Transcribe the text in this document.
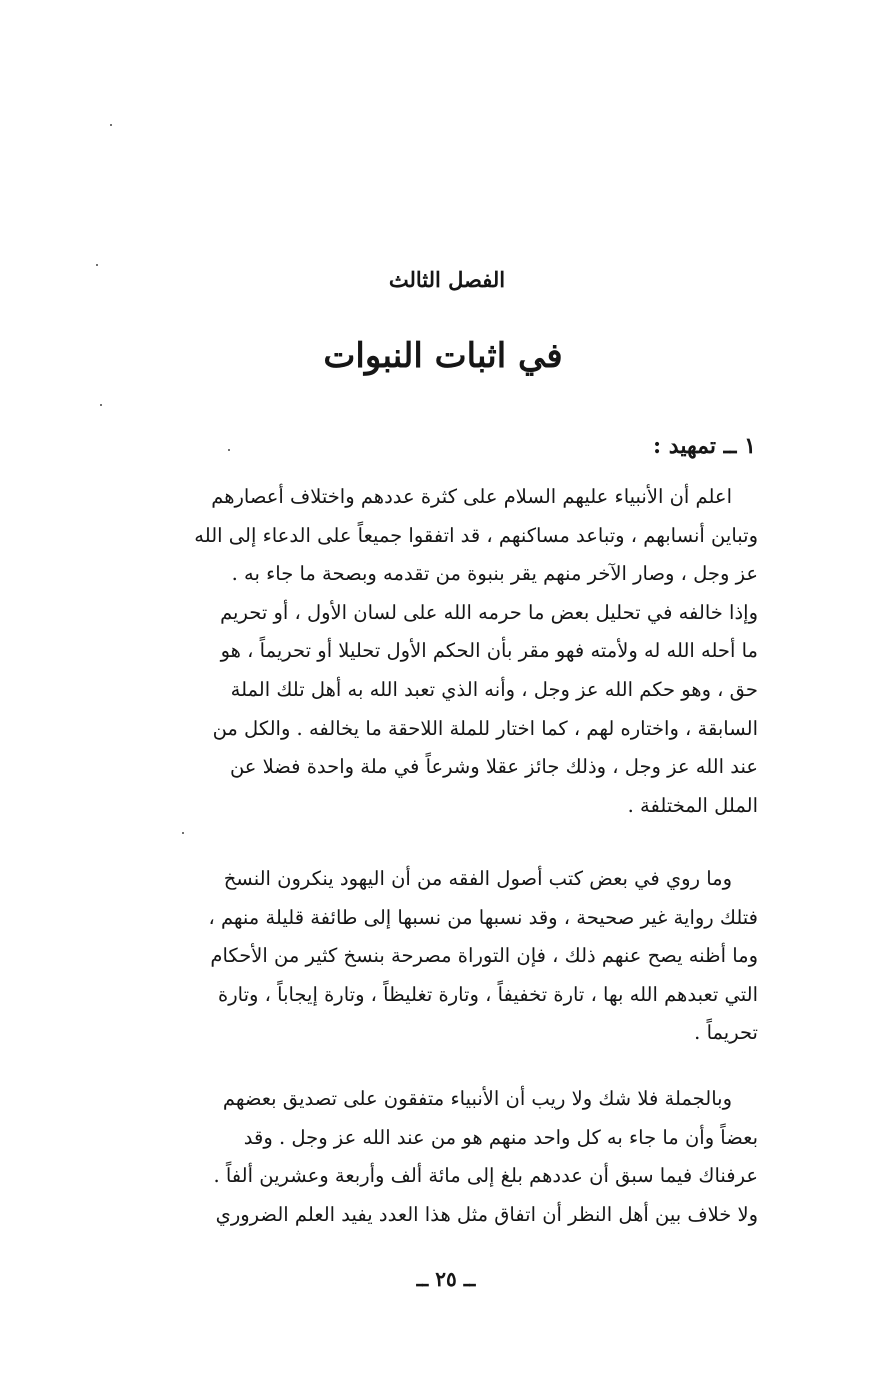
الفصل الثالث
في اثبات النبوات
١ ــ تمهيد :
اعلم أن الأنبياء عليهم السلام على كثرة عددهم واختلاف أعصارهم
وتباين أنسابهم ، وتباعد مساكنهم ، قد اتفقوا جميعاً على الدعاء إلى الله
عز وجل ، وصار الآخر منهم يقر بنبوة من تقدمه وبصحة ما جاء به .
وإذا خالفه في تحليل بعض ما حرمه الله على لسان الأول ، أو تحريم
ما أحله الله له ولأمته فهو مقر بأن الحكم الأول تحليلا أو تحريماً ، هو
حق ، وهو حكم الله عز وجل ، وأنه الذي تعبد الله به أهل تلك الملة
السابقة ، واختاره لهم ، كما اختار للملة اللاحقة ما يخالفه . والكل من
عند الله عز وجل ، وذلك جائز عقلا وشرعاً في ملة واحدة فضلا عن
الملل المختلفة .
وما روي في بعض كتب أصول الفقه من أن اليهود ينكرون النسخ
فتلك رواية غير صحيحة ، وقد نسبها من نسبها إلى طائفة قليلة منهم ،
وما أظنه يصح عنهم ذلك ، فإن التوراة مصرحة بنسخ كثير من الأحكام
التي تعبدهم الله بها ، تارة تخفيفاً ، وتارة تغليظاً ، وتارة إيجاباً ، وتارة
تحريماً .
وبالجملة فلا شك ولا ريب أن الأنبياء متفقون على تصديق بعضهم
بعضاً وأن ما جاء به كل واحد منهم هو من عند الله عز وجل . وقد
عرفناك فيما سبق أن عددهم بلغ إلى مائة ألف وأربعة وعشرين ألفاً .
ولا خلاف بين أهل النظر أن اتفاق مثل هذا العدد يفيد العلم الضروري
ــ ٢٥ ــ
